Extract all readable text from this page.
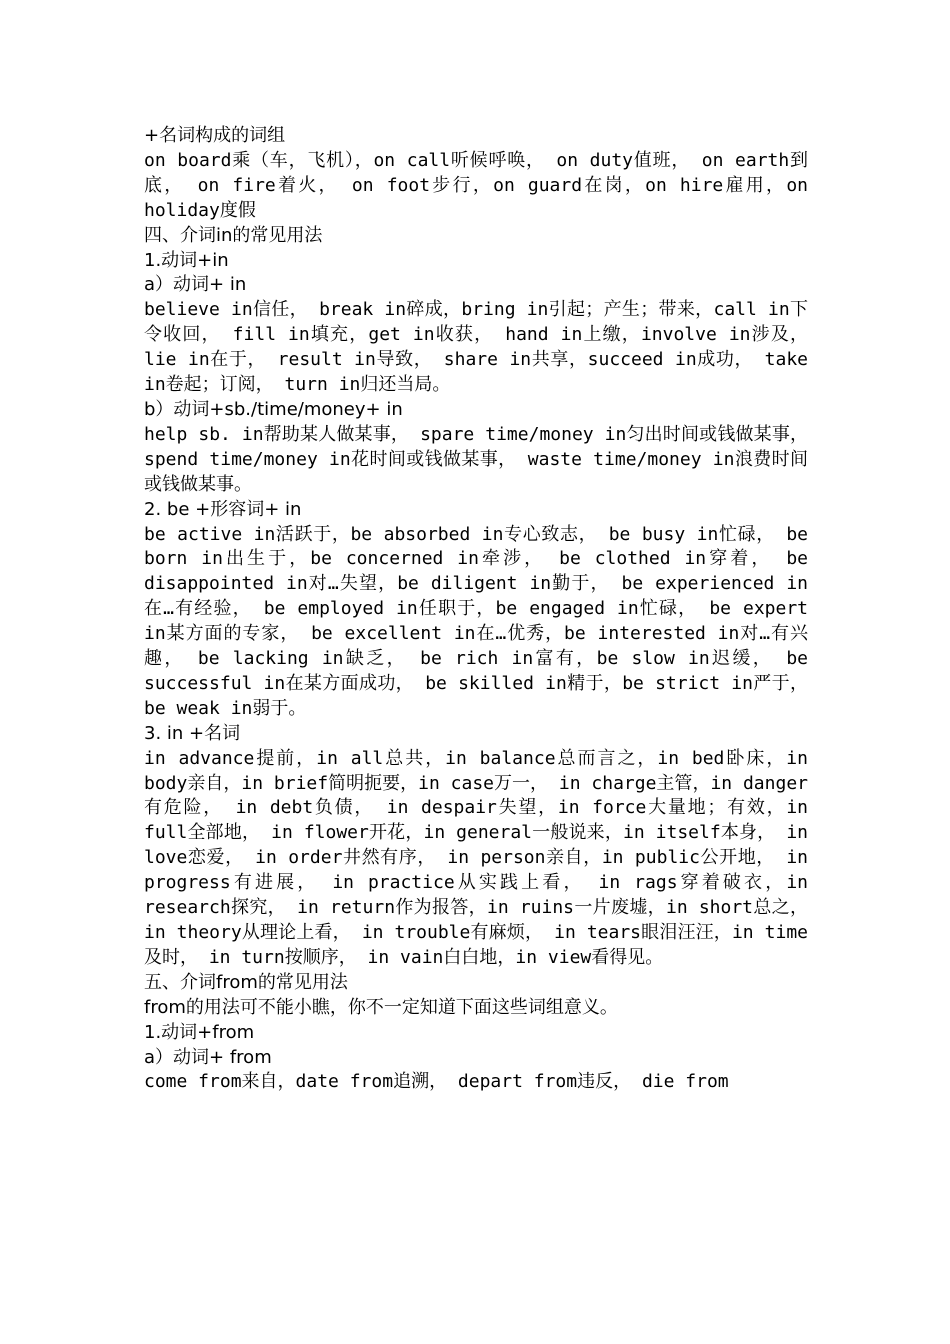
+名词构成的词组
on board乘（车，飞机），on call听候呼唤， on duty值班， on earth到底， on fire着火， on foot步行，on guard在岗，on hire雇用，on holiday度假
四、介词in的常见用法
1.动词+in
a）动词+ in
believe in信任， break in碎成，bring in引起；产生；带来，call in下令收回， fill in填充，get in收获， hand in上缴，involve in涉及， lie in在于， result in导致， share in共享，succeed in成功， take in卷起；订阅， turn in归还当局。
b）动词+sb./time/money+ in
help sb. in帮助某人做某事， spare time/money in匀出时间或钱做某事， spend time/money in花时间或钱做某事， waste time/money in浪费时间或钱做某事。
2. be +形容词+ in
be active in活跃于，be absorbed in专心致志， be busy in忙碌， be born in出生于，be concerned in牵涉， be clothed in穿着， be disappointed in对…失望，be diligent in勤于， be experienced in在…有经验， be employed in任职于，be engaged in忙碌， be expert in某方面的专家， be excellent in在…优秀，be interested in对…有兴趣， be lacking in缺乏， be rich in富有，be slow in迟缓， be successful in在某方面成功， be skilled in精于，be strict in严于， be weak in弱于。
3. in +名词
in advance提前，in all总共，in balance总而言之，in bed卧床，in body亲自，in brief简明扼要，in case万一， in charge主管，in danger有危险， in debt负债， in despair失望，in force大量地；有效，in full全部地， in flower开花，in general一般说来，in itself本身， in love恋爱， in order井然有序， in person亲自，in public公开地， in progress有进展， in practice从实践上看， in rags穿着破衣，in research探究， in return作为报答，in ruins一片废墟，in short总之，in theory从理论上看， in trouble有麻烦， in tears眼泪汪汪，in time及时， in turn按顺序， in vain白白地，in view看得见。
五、介词from的常见用法
from的用法可不能小瞧，你不一定知道下面这些词组意义。
1.动词+from
a）动词+ from
come from来自，date from追溯， depart from违反， die from
